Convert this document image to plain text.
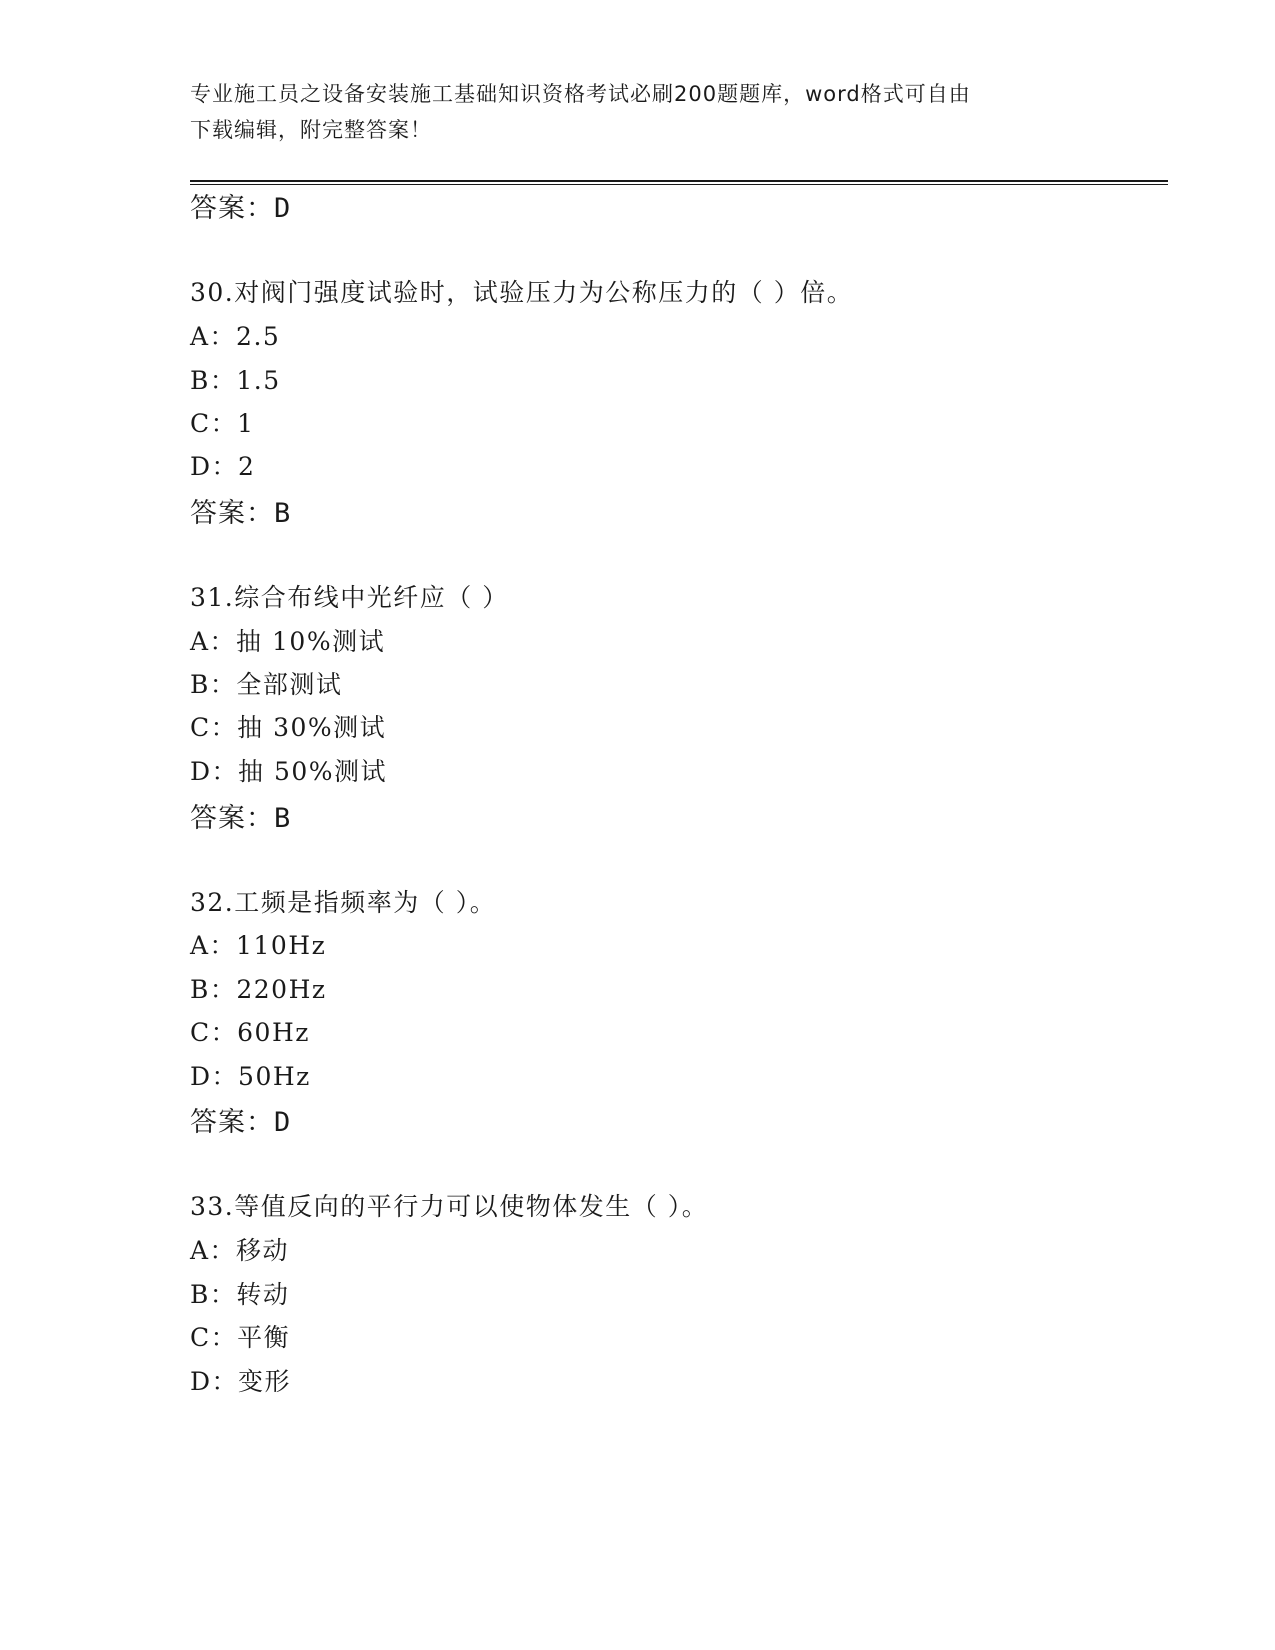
专业施工员之设备安装施工基础知识资格考试必刷200题题库，word格式可自由
下载编辑，附完整答案！
答案：D
30.对阀门强度试验时，试验压力为公称压力的（ ）倍。
A：2.5
B：1.5
C：1
D：2
答案：B
31.综合布线中光纤应（ ）
A：抽 10%测试
B：全部测试
C：抽 30%测试
D：抽 50%测试
答案：B
32.工频是指频率为（ ）。
A：110Hz
B：220Hz
C：60Hz
D：50Hz
答案：D
33.等值反向的平行力可以使物体发生（ ）。
A：移动
B：转动
C：平衡
D：变形
